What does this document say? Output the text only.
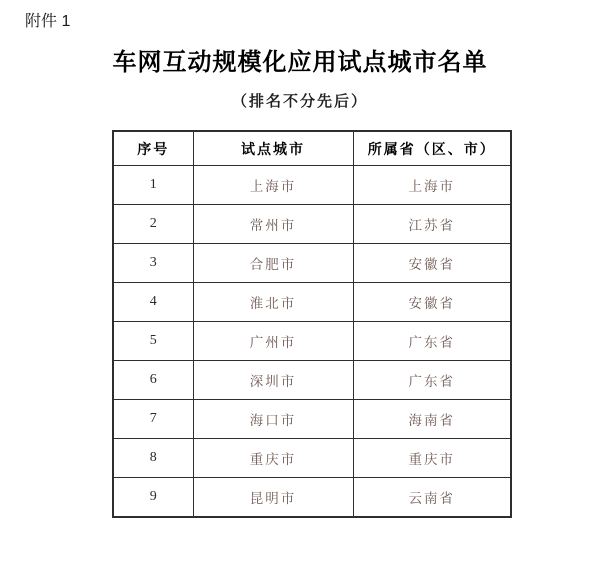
附件 1
车网互动规模化应用试点城市名单
（排名不分先后）
序号	试点城市	所属省（区、市）
1	上海市	上海市
2	常州市	江苏省
3	合肥市	安徽省
4	淮北市	安徽省
5	广州市	广东省
6	深圳市	广东省
7	海口市	海南省
8	重庆市	重庆市
9	昆明市	云南省
